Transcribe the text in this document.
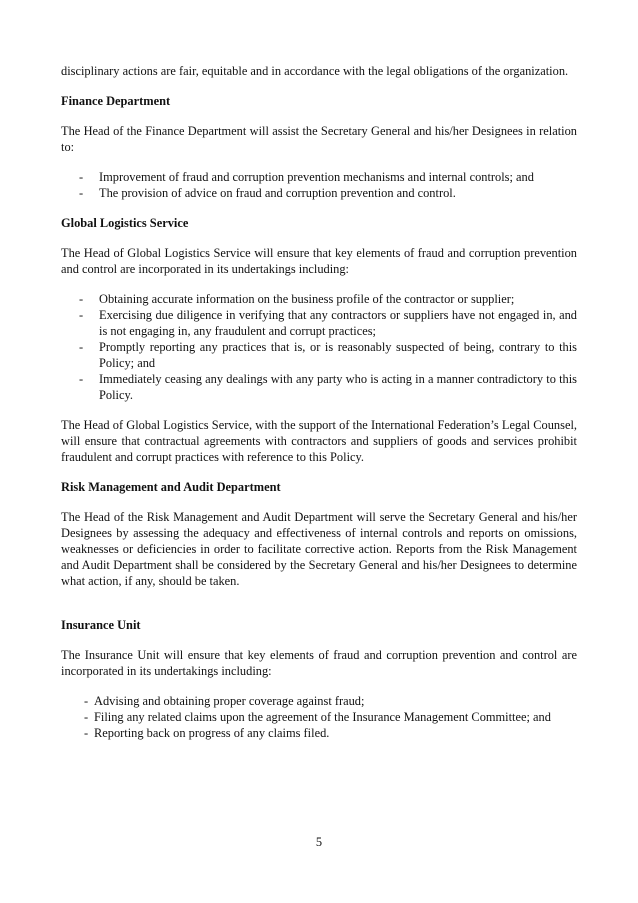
disciplinary actions are fair, equitable and in accordance with the legal obligations of the organization.

Finance Department

The Head of the Finance Department will assist the Secretary General and his/her Designees in relation to:

- Improvement of fraud and corruption prevention mechanisms and internal controls; and
- The provision of advice on fraud and corruption prevention and control.

Global Logistics Service

The Head of Global Logistics Service will ensure that key elements of fraud and corruption prevention and control are incorporated in its undertakings including:

- Obtaining accurate information on the business profile of the contractor or supplier;
- Exercising due diligence in verifying that any contractors or suppliers have not engaged in, and is not engaging in, any fraudulent and corrupt practices;
- Promptly reporting any practices that is, or is reasonably suspected of being, contrary to this Policy; and
- Immediately ceasing any dealings with any party who is acting in a manner contradictory to this Policy.

The Head of Global Logistics Service, with the support of the International Federation’s Legal Counsel, will ensure that contractual agreements with contractors and suppliers of goods and services prohibit fraudulent and corrupt practices with reference to this Policy.

Risk Management and Audit Department

The Head of the Risk Management and Audit Department will serve the Secretary General and his/her Designees by assessing the adequacy and effectiveness of internal controls and reports on omissions, weaknesses or deficiencies in order to facilitate corrective action. Reports from the Risk Management and Audit Department shall be considered by the Secretary General and his/her Designees to determine what action, if any, should be taken.

Insurance Unit

The Insurance Unit will ensure that key elements of fraud and corruption prevention and control are incorporated in its undertakings including:

- Advising and obtaining proper coverage against fraud;
- Filing any related claims upon the agreement of the Insurance Management Committee; and
- Reporting back on progress of any claims filed.
5
